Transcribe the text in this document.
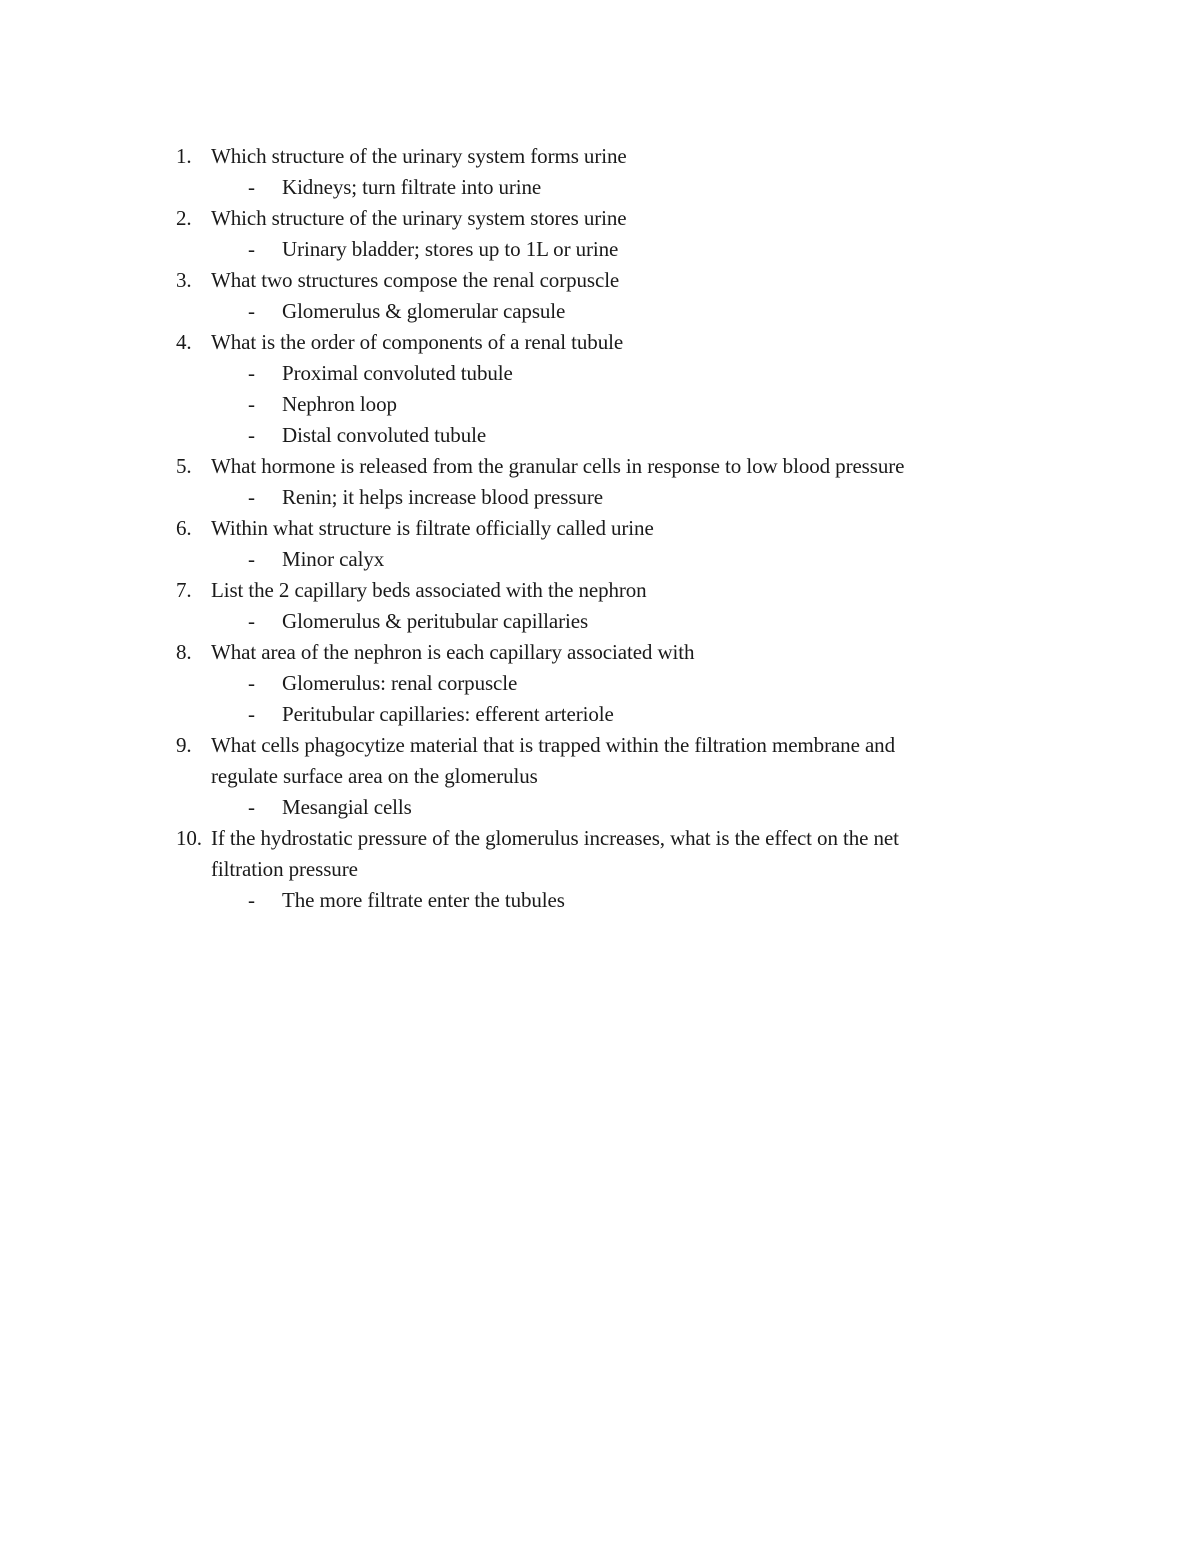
1. Which structure of the urinary system forms urine
- Kidneys; turn filtrate into urine
2. Which structure of the urinary system stores urine
- Urinary bladder; stores up to 1L or urine
3. What two structures compose the renal corpuscle
- Glomerulus & glomerular capsule
4. What is the order of components of a renal tubule
- Proximal convoluted tubule
- Nephron loop
- Distal convoluted tubule
5. What hormone is released from the granular cells in response to low blood pressure
- Renin; it helps increase blood pressure
6. Within what structure is filtrate officially called urine
- Minor calyx
7. List the 2 capillary beds associated with the nephron
- Glomerulus & peritubular capillaries
8. What area of the nephron is each capillary associated with
- Glomerulus: renal corpuscle
- Peritubular capillaries: efferent arteriole
9. What cells phagocytize material that is trapped within the filtration membrane and
regulate surface area on the glomerulus
- Mesangial cells
10. If the hydrostatic pressure of the glomerulus increases, what is the effect on the net
filtration pressure
- The more filtrate enter the tubules
